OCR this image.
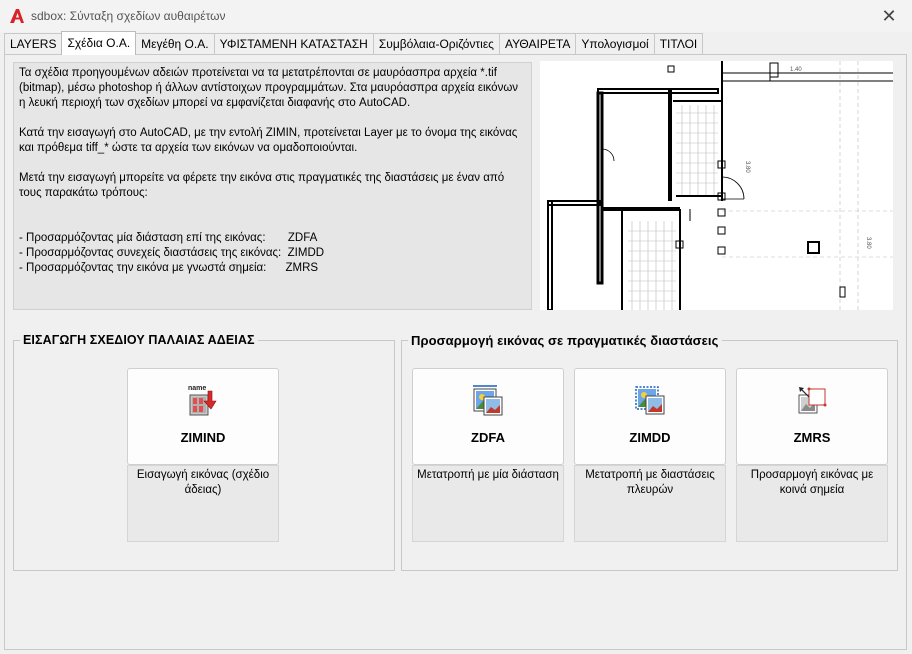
sdbox: Σύνταξη σχεδίων αυθαιρέτων	✕
LAYERS Σχέδια Ο.Α. Μεγέθη Ο.Α. ΥΦΙΣΤΑΜΕΝΗ ΚΑΤΑΣΤΑΣΗ Συμβόλαια-Οριζόντιες ΑΥΘΑΙΡΕΤΑ Υπολογισμοί ΤΙΤΛΟΙ

Τα σχέδια προηγουμένων αδειών προτείνεται να τα μετατρέπονται σε μαυρόασπρα αρχεία *.tif (bitmap), μέσω photoshop ή άλλων αντίστοιχων προγραμμάτων. Στα μαυρόασπρα αρχεία εικόνων η λευκή περιοχή των σχεδίων μπορεί να εμφανίζεται διαφανής στο AutoCAD.

Κατά την εισαγωγή στο AutoCAD, με την εντολή ZIMIN, προτείνεται Layer με το όνομα της εικόνας και πρόθεμα tiff_* ώστε τα αρχεία των εικόνων να ομαδοποιούνται.

Μετά την εισαγωγή μπορείτε να φέρετε την εικόνα στις πραγματικές της διαστάσεις με έναν από τους παρακάτω τρόπους:

- Προσαρμόζοντας μία διάσταση επί της εικόνας:       ZDFA

- Προσαρμόζοντας συνεχείς διαστάσεις της εικόνας:  ZIMDD

- Προσαρμόζοντας την εικόνα με γνωστά σημεία:      ZMRS

3.80
3.80
1.40
ΕΙΣΑΓΩΓΗ ΣΧΕΔΙΟΥ ΠΑΛΑΙΑΣ ΑΔΕΙΑΣ
name
ZIMIND
Εισαγωγή εικόνας (σχέδιο άδειας)
Προσαρμογή εικόνας σε πραγματικές διαστάσεις
ZDFA
Μετατροπή με μία διάσταση
ZIMDD
Μετατροπή με διαστάσεις πλευρών
ZMRS
Προσαρμογή εικόνας με κοινά σημεία
